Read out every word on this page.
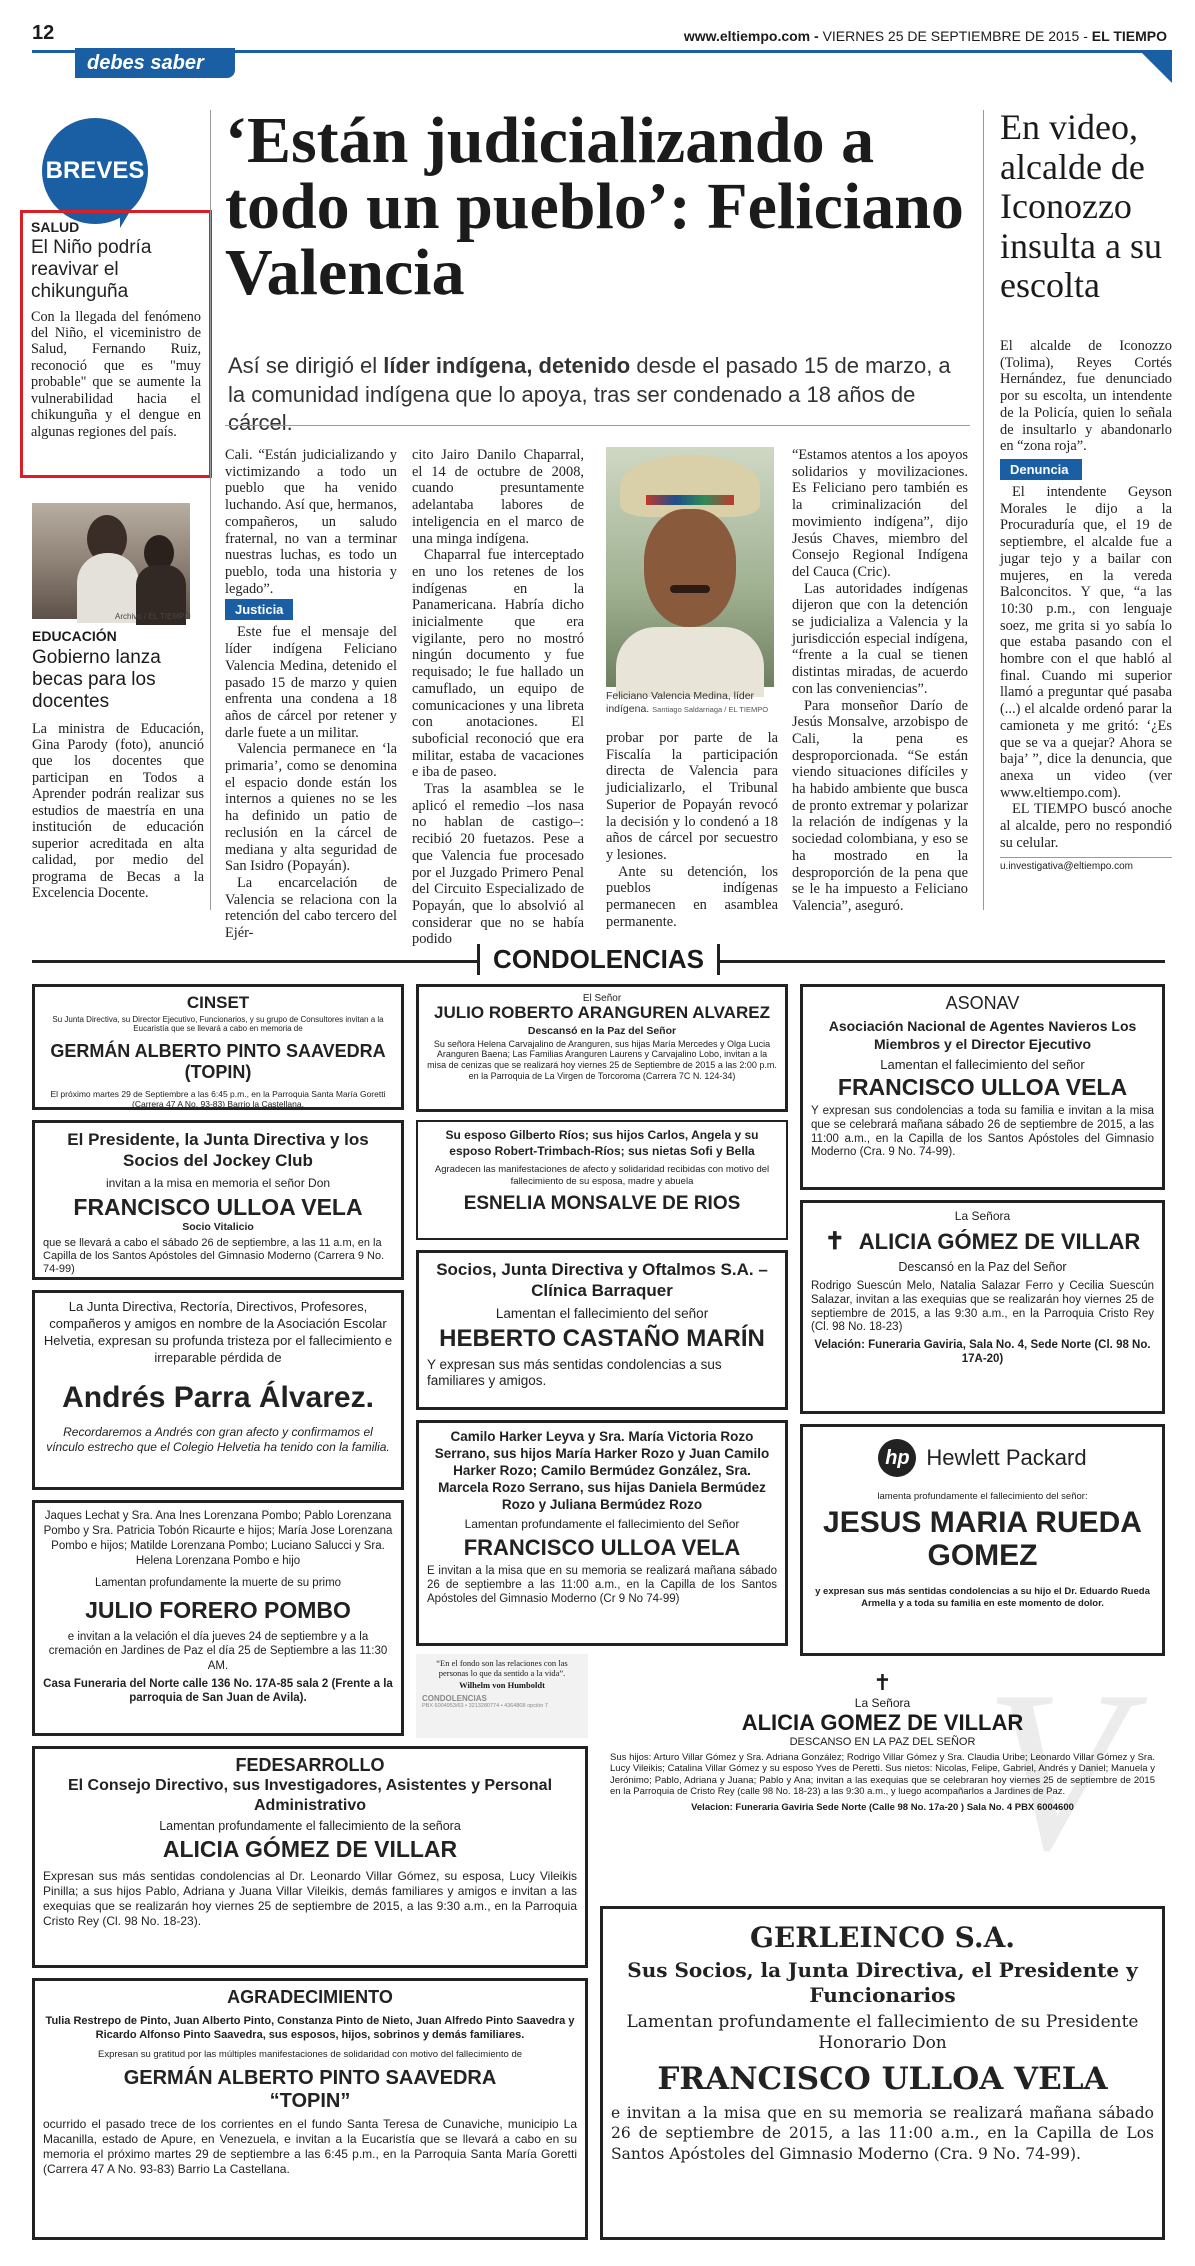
12	www.eltiempo.com - VIERNES 25 DE SEPTIEMBRE DE 2015 - EL TIEMPO
debes saber
BREVES
SALUD
El Niño podría reavivar el chikunguña
Con la llegada del fenómeno del Niño, el viceministro de Salud, Fernando Ruiz, reconoció que es "muy probable" que se aumente la vulnerabilidad hacia el chikunguña y el dengue en algunas regiones del país.
Archivo / EL TIEMPO
EDUCACIÓN
Gobierno lanza becas para los docentes
La ministra de Educación, Gina Parody (foto), anunció que los docentes que participan en Todos a Aprender podrán realizar sus estudios de maestría en una institución de educación superior acreditada en alta calidad, por medio del programa de Becas a la Excelencia Docente.
‘Están judicializando a todo un pueblo’: Feliciano Valencia
Así se dirigió el líder indígena, detenido desde el pasado 15 de marzo, a la comunidad indígena que lo apoya, tras ser condenado a 18 años de cárcel.

Cali. “Están judicializando y victimizando a todo un pueblo que ha venido luchando. Así que, hermanos, compañeros, un saludo fraternal, no van a terminar nuestras luchas, es todo un pueblo, toda una historia y legado”.

Justicia

Este fue el mensaje del líder indígena Feliciano Valencia Medina, detenido el pasado 15 de marzo y quien enfrenta una condena a 18 años de cárcel por retener y darle fuete a un militar.

Valencia permanece en ‘la primaria’, como se denomina el espacio donde están los internos a quienes no se les ha definido un patio de reclusión en la cárcel de mediana y alta seguridad de San Isidro (Popayán).

La encarcelación de Valencia se relaciona con la retención del cabo tercero del Ejér-

cito Jairo Danilo Chaparral, el 14 de octubre de 2008, cuando presuntamente adelantaba labores de inteligencia en el marco de una minga indígena.

Chaparral fue interceptado en uno los retenes de los indígenas en la Panamericana. Habría dicho inicialmente que era vigilante, pero no mostró ningún documento y fue requisado; le fue hallado un camuflado, un equipo de comunicaciones y una libreta con anotaciones. El suboficial reconoció que era militar, estaba de vacaciones e iba de paseo.

Tras la asamblea se le aplicó el remedio –los nasa no hablan de castigo–: recibió 20 fuetazos. Pese a que Valencia fue procesado por el Juzgado Primero Penal del Circuito Especializado de Popayán, que lo absolvió al considerar que no se había podido

Feliciano Valencia Medina, líder indígena. Santiago Saldarriaga / EL TIEMPO

probar por parte de la Fiscalía la participación directa de Valencia para judicializarlo, el Tribunal Superior de Popayán revocó la decisión y lo condenó a 18 años de cárcel por secuestro y lesiones.

Ante su detención, los pueblos indígenas permanecen en asamblea permanente.

“Estamos atentos a los apoyos solidarios y movilizaciones. Es Feliciano pero también es la criminalización del movimiento indígena”, dijo Jesús Chaves, miembro del Consejo Regional Indígena del Cauca (Cric).

Las autoridades indígenas dijeron que con la detención se judicializa a Valencia y la jurisdicción especial indígena, “frente a la cual se tienen distintas miradas, de acuerdo con las conveniencias”.

Para monseñor Darío de Jesús Monsalve, arzobispo de Cali, la pena es desproporcionada. “Se están viendo situaciones difíciles y ha habido ambiente que busca de pronto extremar y polarizar la relación de indígenas y la sociedad colombiana, y eso se ha mostrado en la desproporción de la pena que se le ha impuesto a Feliciano Valencia”, aseguró.

En video, alcalde de Iconozzo insulta a su escolta

El alcalde de Iconozzo (Tolima), Reyes Cortés Hernández, fue denunciado por su escolta, un intendente de la Policía, quien lo señala de insultarlo y abandonarlo en “zona roja”.

Denuncia

El intendente Geyson Morales le dijo a la Procuraduría que, el 19 de septiembre, el alcalde fue a jugar tejo y a bailar con mujeres, en la vereda Balconcitos. Y que, “a las 10:30 p.m., con lenguaje soez, me grita si yo sabía lo que estaba pasando con el hombre con el que habló al final. Cuando mi superior llamó a preguntar qué pasaba (...) el alcalde ordenó parar la camioneta y me gritó: ‘¿Es que se va a quejar? Ahora se baja’ ”, dice la denuncia, que anexa un video (ver www.eltiempo.com).

EL TIEMPO buscó anoche al alcalde, pero no respondió su celular.

u.investigativa@eltiempo.com
CONDOLENCIAS
CINSET
Su Junta Directiva, su Director Ejecutivo, Funcionarios, y su grupo de Consultores invitan a la Eucaristía que se llevará a cabo en memoria de
GERMÁN ALBERTO PINTO SAAVEDRA (TOPIN)
El próximo martes 29 de Septiembre a las 6:45 p.m., en la Parroquia Santa María Goretti (Carrera 47 A No. 93-83) Barrio la Castellana.
El Presidente, la Junta Directiva y los Socios del Jockey Club
invitan a la misa en memoria el señor Don
FRANCISCO ULLOA VELA
Socio Vitalicio
que se llevará a cabo el sábado 26 de septiembre, a las 11 a.m, en la Capilla de los Santos Apóstoles del Gimnasio Moderno (Carrera 9 No. 74-99)
La Junta Directiva, Rectoría, Directivos, Profesores, compañeros y amigos en nombre de la Asociación Escolar Helvetia, expresan su profunda tristeza por el fallecimiento e irreparable pérdida de
Andrés Parra Álvarez.
Recordaremos a Andrés con gran afecto y confirmamos el vínculo estrecho que el Colegio Helvetia ha tenido con la familia.
Jaques Lechat y Sra. Ana Ines Lorenzana Pombo; Pablo Lorenzana Pombo y Sra. Patricia Tobón Ricaurte e hijos; María Jose Lorenzana Pombo e hijos; Matilde Lorenzana Pombo; Luciano Salucci y Sra. Helena Lorenzana Pombo e hijo
Lamentan profundamente la muerte de su primo
JULIO FORERO POMBO
e invitan a la velación el día jueves 24 de septiembre y a la cremación en Jardines de Paz el día 25 de Septiembre a las 11:30 AM.
Casa Funeraria del Norte calle 136 No. 17A-85 sala 2 (Frente a la parroquia de San Juan de Avila).
FEDESARROLLO
El Consejo Directivo, sus Investigadores, Asistentes y Personal Administrativo
Lamentan profundamente el fallecimiento de la señora
ALICIA GÓMEZ DE VILLAR
Expresan sus más sentidas condolencias al Dr. Leonardo Villar Gómez, su esposa, Lucy Vileikis Pinilla; a sus hijos Pablo, Adriana y Juana Villar Vileikis, demás familiares y amigos e invitan a las exequias que se realizarán hoy viernes 25 de septiembre de 2015, a las 9:30 a.m., en la Parroquia Cristo Rey (Cl. 98 No. 18-23).
AGRADECIMIENTO
Tulia Restrepo de Pinto, Juan Alberto Pinto, Constanza Pinto de Nieto, Juan Alfredo Pinto Saavedra y Ricardo Alfonso Pinto Saavedra, sus esposos, hijos, sobrinos y demás familiares.
Expresan su gratitud por las múltiples manifestaciones de solidaridad con motivo del fallecimiento de
GERMÁN ALBERTO PINTO SAAVEDRA
“TOPIN”
ocurrido el pasado trece de los corrientes en el fundo Santa Teresa de Cunaviche, municipio La Macanilla, estado de Apure, en Venezuela, e invitan a la Eucaristía que se llevará a cabo en su memoria el próximo martes 29 de septiembre a las 6:45 p.m., en la Parroquia Santa María Goretti (Carrera 47 A No. 93-83) Barrio La Castellana.
El Señor
JULIO ROBERTO ARANGUREN ALVAREZ
Descansó en la Paz del Señor
Su señora Helena Carvajalino de Aranguren, sus hijas María Mercedes y Olga Lucia Aranguren Baena; Las Familias Aranguren Laurens y Carvajalino Lobo, invitan a la misa de cenizas que se realizará hoy viernes 25 de Septiembre de 2015 a las 2:00 p.m. en la Parroquia de La Virgen de Torcoroma (Carrera 7C N. 124-34)
Su esposo Gilberto Ríos; sus hijos Carlos, Angela y su esposo Robert-Trimbach-Ríos; sus nietas Sofi y Bella
Agradecen las manifestaciones de afecto y solidaridad recibidas con motivo del fallecimiento de su esposa, madre y abuela
ESNELIA MONSALVE DE RIOS
Socios, Junta Directiva y Oftalmos S.A. – Clínica Barraquer
Lamentan el fallecimiento del señor
HEBERTO CASTAÑO MARÍN
Y expresan sus más sentidas condolencias a sus familiares y amigos.
Camilo Harker Leyva y Sra. María Victoria Rozo Serrano, sus hijos María Harker Rozo y Juan Camilo Harker Rozo; Camilo Bermúdez González, Sra. Marcela Rozo Serrano, sus hijas Daniela Bermúdez Rozo y Juliana Bermúdez Rozo
Lamentan profundamente el fallecimiento del Señor
FRANCISCO ULLOA VELA
E invitan a la misa que en su memoria se realizará mañana sábado 26 de septiembre a las 11:00 a.m., en la Capilla de los Santos Apóstoles del Gimnasio Moderno (Cr 9 No 74-99)
“En el fondo son las relaciones con las personas lo que da sentido a la vida”.
Wilhelm von Humboldt
CONDOLENCIAS
PBX 6004953/63 • 3213280774 • 4364808 opción 7
ASONAV
Asociación Nacional de Agentes Navieros Los Miembros y el Director Ejecutivo
Lamentan el fallecimiento del señor
FRANCISCO ULLOA VELA
Y expresan sus condolencias a toda su familia e invitan a la misa que se celebrará mañana sábado 26 de septiembre de 2015, a las 11:00 a.m., en la Capilla de los Santos Apóstoles del Gimnasio Moderno (Cra. 9 No. 74-99).
La Señora
✝ ALICIA GÓMEZ DE VILLAR
Descansó en la Paz del Señor
Rodrigo Suescún Melo, Natalia Salazar Ferro y Cecilia Suescún Salazar, invitan a las exequias que se realizarán hoy viernes 25 de septiembre de 2015, a las 9:30 a.m., en la Parroquia Cristo Rey (Cl. 98 No. 18-23)
Velación: Funeraria Gaviria, Sala No. 4, Sede Norte (Cl. 98 No. 17A-20)
hp Hewlett Packard
lamenta profundamente el fallecimiento del señor:
JESUS MARIA RUEDA GOMEZ
y expresan sus más sentidas condolencias a su hijo el Dr. Eduardo Rueda Armella y a toda su familia en este momento de dolor.
V
✝
La Señora
ALICIA GOMEZ DE VILLAR
DESCANSO EN LA PAZ DEL SEÑOR
Sus hijos: Arturo Villar Gómez y Sra. Adriana González; Rodrigo Villar Gómez y Sra. Claudia Uribe; Leonardo Villar Gómez y Sra. Lucy Vileikis; Catalina Villar Gómez y su esposo Yves de Peretti. Sus nietos: Nicolas, Felipe, Gabriel, Andrés y Daniel; Manuela y Jerónimo; Pablo, Adriana y Juana; Pablo y Ana; invitan a las exequias que se celebraran hoy viernes 25 de septiembre de 2015 en la Parroquia de Cristo Rey (calle 98 No. 18-23) a las 9:30 a.m., y luego acompañarlos a Jardines de Paz.
Velacion: Funeraria Gaviria Sede Norte (Calle 98 No. 17a-20 ) Sala No. 4 PBX 6004600
GERLEINCO S.A.
Sus Socios, la Junta Directiva, el Presidente y Funcionarios
Lamentan profundamente el fallecimiento de su Presidente Honorario Don
FRANCISCO ULLOA VELA
e invitan a la misa que en su memoria se realizará mañana sábado 26 de septiembre de 2015, a las 11:00 a.m., en la Capilla de Los Santos Apóstoles del Gimnasio Moderno (Cra. 9 No. 74-99).
